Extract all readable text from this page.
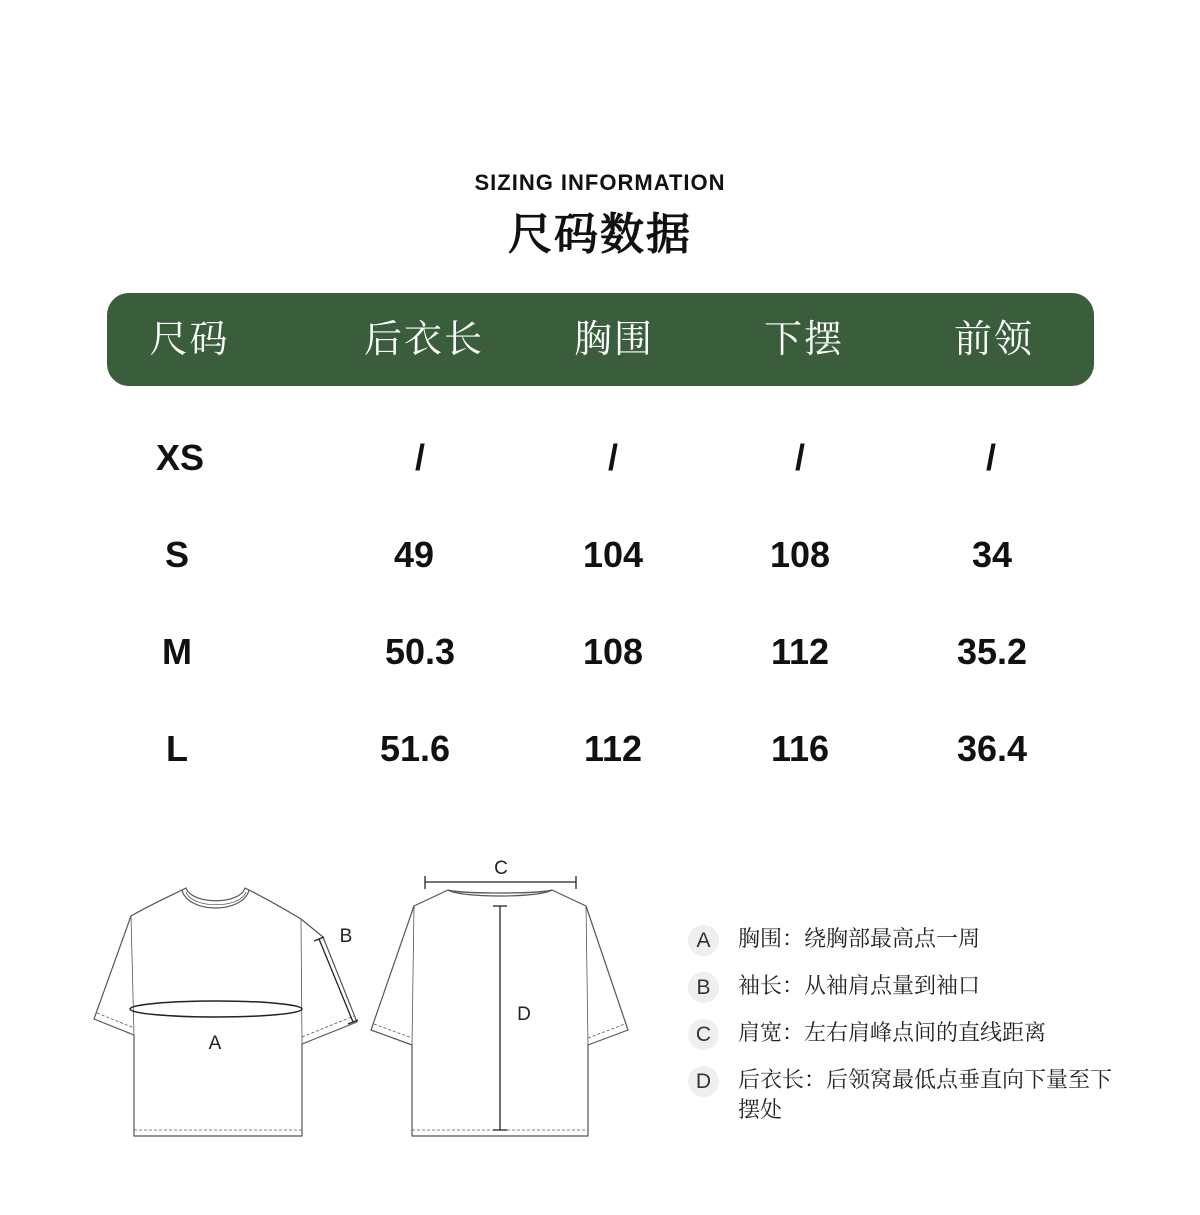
SIZING INFORMATION
尺码数据
尺码	后衣长	胸围	下摆	前领
XS	/	/	/	/
S	49	104	108	34
M	50.3	108	112	35.2
L	51.6	112	116	36.4
A
B
C
D
A	胸围：绕胸部最高点一周
B	袖长：从袖肩点量到袖口
C	肩宽：左右肩峰点间的直线距离
D	后衣长：后领窝最低点垂直向下量至下摆处
